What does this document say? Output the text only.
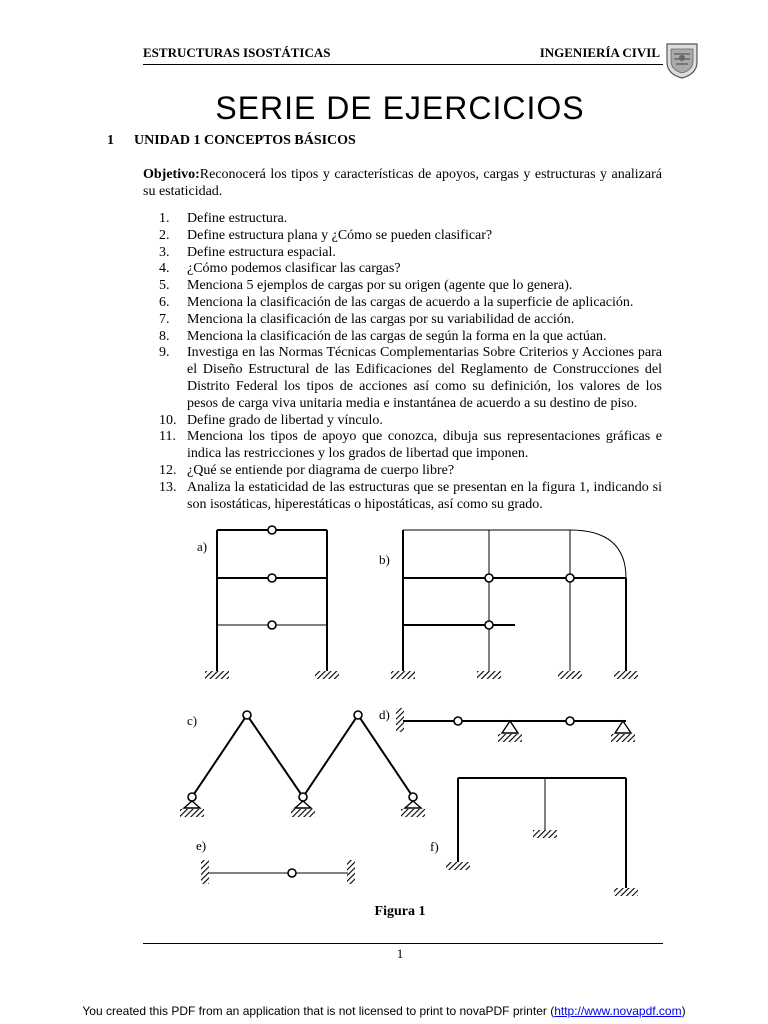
ESTRUCTURAS ISOSTÁTICAS	INGENIERÍA CIVIL
SERIE DE EJERCICIOS
1 UNIDAD 1 CONCEPTOS BÁSICOS
Objetivo:Reconocerá los tipos y características de apoyos, cargas y estructuras y analizará su estaticidad.
1.	Define estructura.
2.	Define estructura plana y ¿Cómo se pueden clasificar?
3.	Define estructura espacial.
4.	¿Cómo podemos clasificar las cargas?
5.	Menciona 5 ejemplos de cargas por su origen (agente que lo genera).
6.	Menciona la clasificación de las cargas de acuerdo a la superficie de aplicación.
7.	Menciona la clasificación de las cargas por su variabilidad de acción.
8.	Menciona la clasificación de las cargas de según la forma en la que actúan.
9.	Investiga en las Normas Técnicas Complementarias Sobre Criterios y Acciones para el Diseño Estructural de las Edificaciones del Reglamento de Construcciones del Distrito Federal los tipos de acciones así como su definición, los valores de los pesos de carga viva unitaria media e instantánea de acuerdo a su destino de piso.
10. Define grado de libertad y vínculo.
11. Menciona los tipos de apoyo que conozca, dibuja sus representaciones gráficas e indica las restricciones y los grados de libertad que imponen.
12. ¿Qué se entiende por diagrama de cuerpo libre?
13. Analiza la estaticidad de las estructuras que se presentan en la figura 1, indicando si son isostáticas, hiperestáticas o hipostáticas, así como su grado.
a)
b)
c)	d)
e)	f)
Figura 1
1
You created this PDF from an application that is not licensed to print to novaPDF printer (http://www.novapdf.com)
